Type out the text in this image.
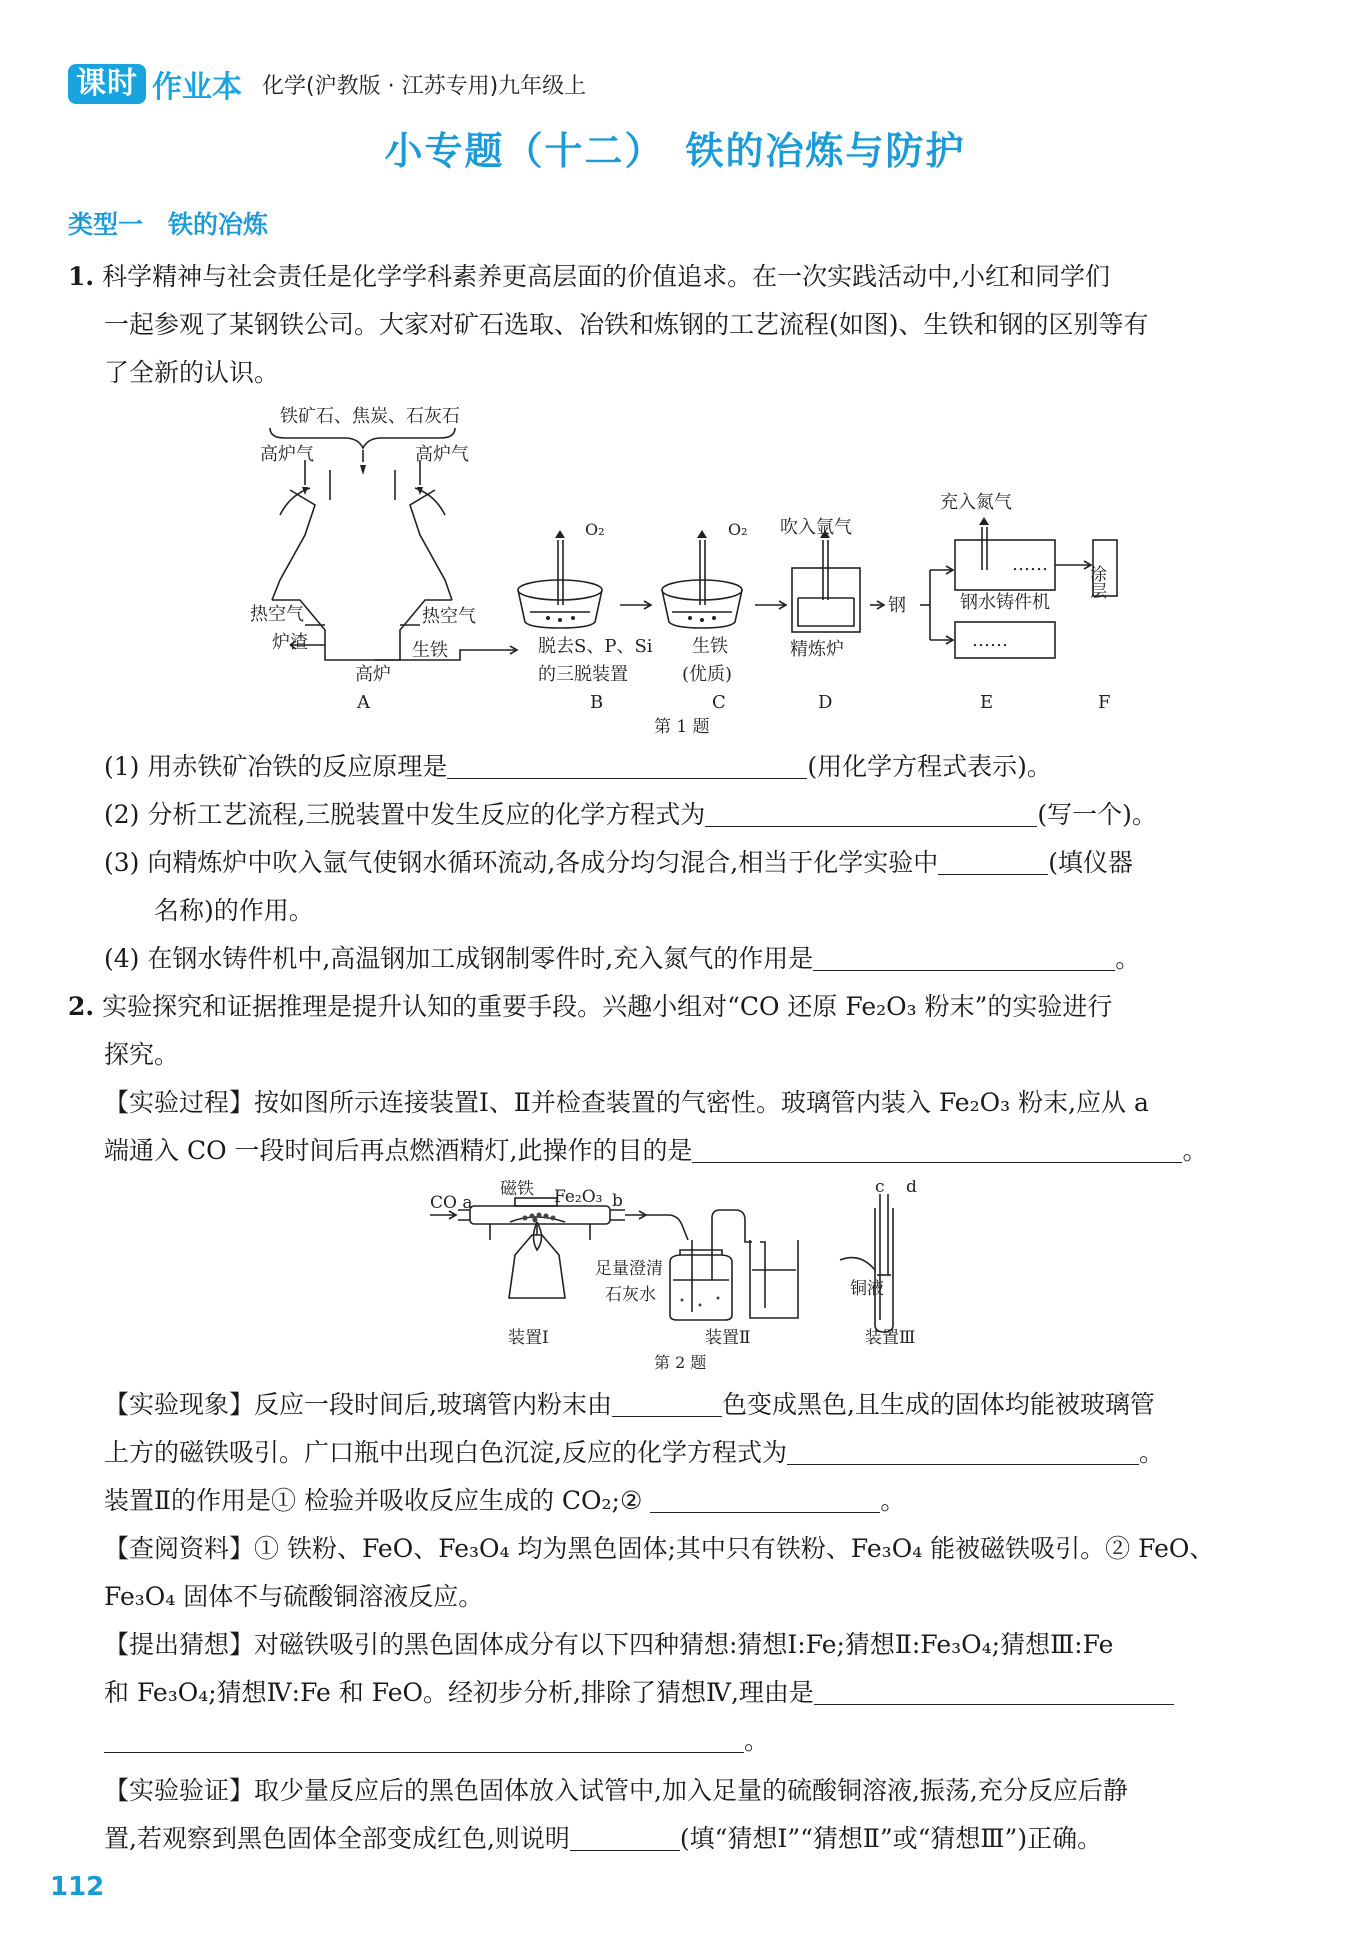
课时 作业本 化学(沪教版 · 江苏专用)九年级上
小专题（十二）　铁的冶炼与防护
类型一　铁的冶炼
1. 科学精神与社会责任是化学学科素养更高层面的价值追求。在一次实践活动中,小红和同学们
一起参观了某钢铁公司。大家对矿石选取、冶铁和炼钢的工艺流程(如图)、生铁和钢的区别等有
了全新的认识。
铁矿石、焦炭、石灰石
高炉气	高炉气
热空气	热空气
炉渣	生铁
高炉
O₂	O₂ 吹入氩气
充入氮气
脱去S、P、Si
的三脱装置
生铁
(优质)
精炼炉
钢	钢水铸件机
……
……
涂层
A	B	C	D	E	F
第 1 题
(1) 用赤铁矿冶铁的反应原理是	(用化学方程式表示)。
(2) 分析工艺流程,三脱装置中发生反应的化学方程式为	(写一个)。
(3) 向精炼炉中吹入氩气使钢水循环流动,各成分均匀混合,相当于化学实验中	(填仪器
名称)的作用。
(4) 在钢水铸件机中,高温钢加工成钢制零件时,充入氮气的作用是	。
2. 实验探究和证据推理是提升认知的重要手段。兴趣小组对“CO 还原 Fe₂O₃ 粉末”的实验进行
探究。
【实验过程】按如图所示连接装置Ⅰ、Ⅱ并检查装置的气密性。玻璃管内装入 Fe₂O₃ 粉末,应从 a
端通入 CO 一段时间后再点燃酒精灯,此操作的目的是	。
CO a
磁铁 Fe₂O₃ b
足量澄清
石灰水
c d
铜液
装置Ⅰ	装置Ⅱ	装置Ⅲ
第 2 题
【实验现象】反应一段时间后,玻璃管内粉末由	色变成黑色,且生成的固体均能被玻璃管
上方的磁铁吸引。广口瓶中出现白色沉淀,反应的化学方程式为	。
装置Ⅱ的作用是① 检验并吸收反应生成的 CO₂;②	。
【查阅资料】① 铁粉、FeO、Fe₃O₄ 均为黑色固体;其中只有铁粉、Fe₃O₄ 能被磁铁吸引。② FeO、
Fe₃O₄ 固体不与硫酸铜溶液反应。
【提出猜想】对磁铁吸引的黑色固体成分有以下四种猜想:猜想Ⅰ:Fe;猜想Ⅱ:Fe₃O₄;猜想Ⅲ:Fe
和 Fe₃O₄;猜想Ⅳ:Fe 和 FeO。经初步分析,排除了猜想Ⅳ,理由是
。
【实验验证】取少量反应后的黑色固体放入试管中,加入足量的硫酸铜溶液,振荡,充分反应后静
置,若观察到黑色固体全部变成红色,则说明	(填“猜想Ⅰ”“猜想Ⅱ”或“猜想Ⅲ”)正确。
112
